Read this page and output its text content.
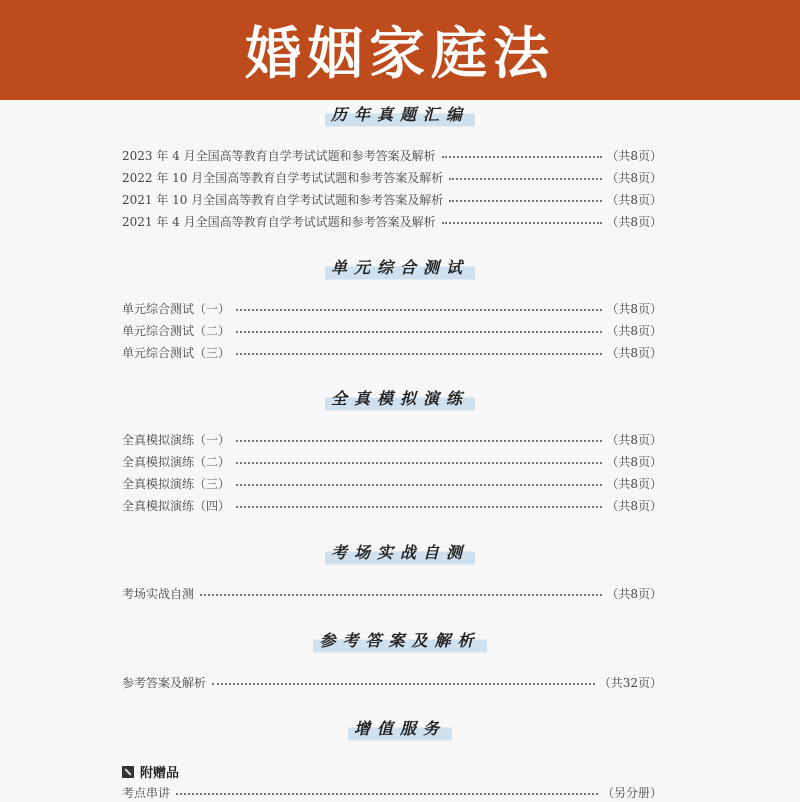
婚姻家庭法
历年真题汇编
2023 年 4 月全国高等教育自学考试试题和参考答案及解析	（共8页）
2022 年 10 月全国高等教育自学考试试题和参考答案及解析	（共8页）
2021 年 10 月全国高等教育自学考试试题和参考答案及解析	（共8页）
2021 年 4 月全国高等教育自学考试试题和参考答案及解析	（共8页）
单元综合测试
单元综合测试（一）	（共8页）
单元综合测试（二）	（共8页）
单元综合测试（三）	（共8页）
全真模拟演练
全真模拟演练（一）	（共8页）
全真模拟演练（二）	（共8页）
全真模拟演练（三）	（共8页）
全真模拟演练（四）	（共8页）
考场实战自测
考场实战自测	（共8页）
参考答案及解析
参考答案及解析	（共32页）
增值服务
附赠品
考点串讲	（另分册）
